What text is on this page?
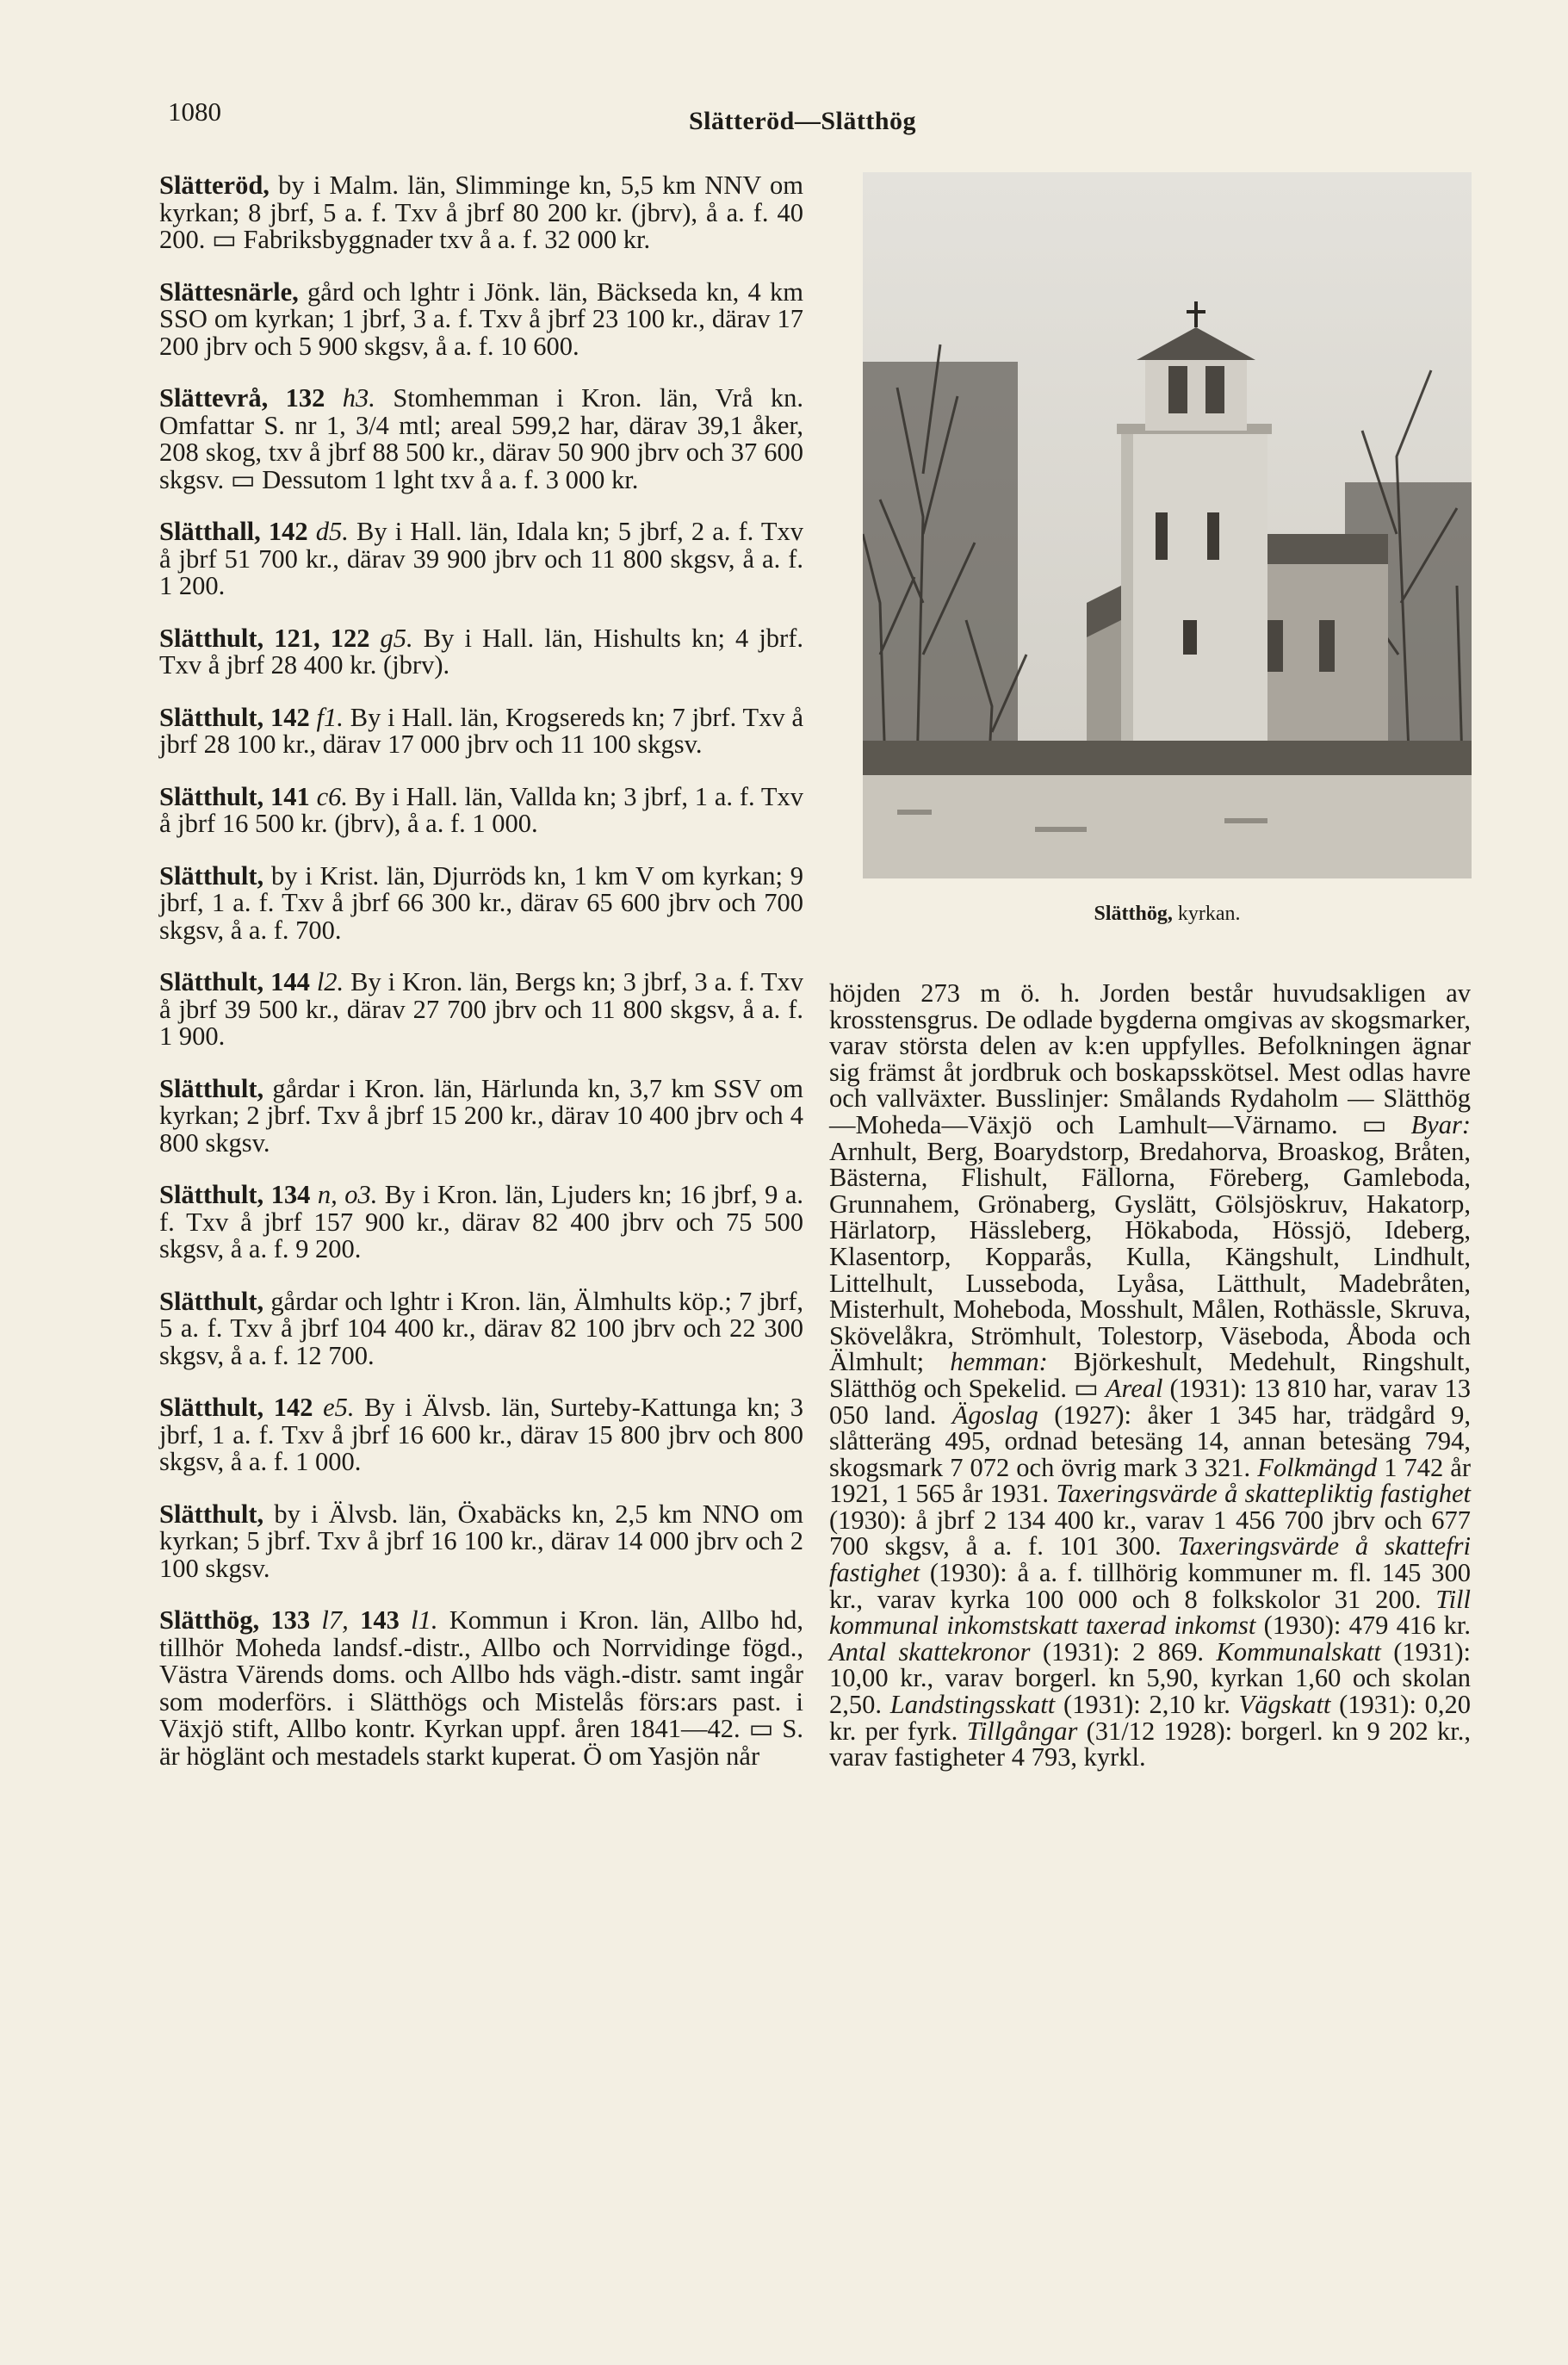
1080	Slätteröd—Slätthög

Slätteröd, by i Malm. län, Slimminge kn, 5,5 km NNV om kyrkan; 8 jbrf, 5 a. f. Txv å jbrf 80 200 kr. (jbrv), å a. f. 40 200. ▭ Fabriksbyggnader txv å a. f. 32 000 kr.

Slättesnärle, gård och lghtr i Jönk. län, Bäckseda kn, 4 km SSO om kyrkan; 1 jbrf, 3 a. f. Txv å jbrf 23 100 kr., därav 17 200 jbrv och 5 900 skgsv, å a. f. 10 600.

Slättevrå, 132 h3. Stomhemman i Kron. län, Vrå kn. Omfattar S. nr 1, 3/4 mtl; areal 599,2 har, därav 39,1 åker, 208 skog, txv å jbrf 88 500 kr., därav 50 900 jbrv och 37 600 skgsv. ▭ Dessutom 1 lght txv å a. f. 3 000 kr.

Slätthall, 142 d5. By i Hall. län, Idala kn; 5 jbrf, 2 a. f. Txv å jbrf 51 700 kr., därav 39 900 jbrv och 11 800 skgsv, å a. f. 1 200.

Slätthult, 121, 122 g5. By i Hall. län, Hishults kn; 4 jbrf. Txv å jbrf 28 400 kr. (jbrv).

Slätthult, 142 f1. By i Hall. län, Krogsereds kn; 7 jbrf. Txv å jbrf 28 100 kr., därav 17 000 jbrv och 11 100 skgsv.

Slätthult, 141 c6. By i Hall. län, Vallda kn; 3 jbrf, 1 a. f. Txv å jbrf 16 500 kr. (jbrv), å a. f. 1 000.

Slätthult, by i Krist. län, Djurröds kn, 1 km V om kyrkan; 9 jbrf, 1 a. f. Txv å jbrf 66 300 kr., därav 65 600 jbrv och 700 skgsv, å a. f. 700.

Slätthult, 144 l2. By i Kron. län, Bergs kn; 3 jbrf, 3 a. f. Txv å jbrf 39 500 kr., därav 27 700 jbrv och 11 800 skgsv, å a. f. 1 900.

Slätthult, gårdar i Kron. län, Härlunda kn, 3,7 km SSV om kyrkan; 2 jbrf. Txv å jbrf 15 200 kr., därav 10 400 jbrv och 4 800 skgsv.

Slätthult, 134 n, o3. By i Kron. län, Ljuders kn; 16 jbrf, 9 a. f. Txv å jbrf 157 900 kr., därav 82 400 jbrv och 75 500 skgsv, å a. f. 9 200.

Slätthult, gårdar och lghtr i Kron. län, Älmhults köp.; 7 jbrf, 5 a. f. Txv å jbrf 104 400 kr., därav 82 100 jbrv och 22 300 skgsv, å a. f. 12 700.

Slätthult, 142 e5. By i Älvsb. län, Surteby-Kattunga kn; 3 jbrf, 1 a. f. Txv å jbrf 16 600 kr., därav 15 800 jbrv och 800 skgsv, å a. f. 1 000.

Slätthult, by i Älvsb. län, Öxabäcks kn, 2,5 km NNO om kyrkan; 5 jbrf. Txv å jbrf 16 100 kr., därav 14 000 jbrv och 2 100 skgsv.

Slätthög, 133 l7, 143 l1. Kommun i Kron. län, Allbo hd, tillhör Moheda landsf.-distr., Allbo och Norrvidinge fögd., Västra Värends doms. och Allbo hds vägh.-distr. samt ingår som moderförs. i Slätthögs och Mistelås förs:ars past. i Växjö stift, Allbo kontr. Kyrkan uppf. åren 1841—42. ▭ S. är höglänt och mestadels starkt kuperat. Ö om Yasjön når

Slätthög, kyrkan.

höjden 273 m ö. h. Jorden består huvudsakligen av krosstensgrus. De odlade bygderna omgivas av skogsmarker, varav största delen av k:en uppfylles. Befolkningen ägnar sig främst åt jordbruk och boskapsskötsel. Mest odlas havre och vallväxter. Busslinjer: Smålands Rydaholm — Slätthög—Moheda—Växjö och Lamhult—Värnamo. ▭ Byar: Arnhult, Berg, Boarydstorp, Bredahorva, Broaskog, Bråten, Bästerna, Flishult, Fällorna, Föreberg, Gamleboda, Grunnahem, Grönaberg, Gyslätt, Gölsjöskruv, Hakatorp, Härlatorp, Hässleberg, Hökaboda, Hössjö, Ideberg, Klasentorp, Kopparås, Kulla, Kängshult, Lindhult, Littelhult, Lusseboda, Lyåsa, Lätthult, Madebråten, Misterhult, Moheboda, Mosshult, Målen, Rothässle, Skruva, Skövelåkra, Strömhult, Tolestorp, Väseboda, Åboda och Älmhult; hemman: Björkeshult, Medehult, Ringshult, Slätthög och Spekelid. ▭ Areal (1931): 13 810 har, varav 13 050 land. Ägoslag (1927): åker 1 345 har, trädgård 9, slåtteräng 495, ordnad betesäng 14, annan betesäng 794, skogsmark 7 072 och övrig mark 3 321. Folkmängd 1 742 år 1921, 1 565 år 1931. Taxeringsvärde å skattepliktig fastighet (1930): å jbrf 2 134 400 kr., varav 1 456 700 jbrv och 677 700 skgsv, å a. f. 101 300. Taxeringsvärde å skattefri fastighet (1930): å a. f. tillhörig kommuner m. fl. 145 300 kr., varav kyrka 100 000 och 8 folkskolor 31 200. Till kommunal inkomstskatt taxerad inkomst (1930): 479 416 kr. Antal skattekronor (1931): 2 869. Kommunalskatt (1931): 10,00 kr., varav borgerl. kn 5,90, kyrkan 1,60 och skolan 2,50. Landstingsskatt (1931): 2,10 kr. Vägskatt (1931): 0,20 kr. per fyrk. Tillgångar (31/12 1928): borgerl. kn 9 202 kr., varav fastigheter 4 793, kyrkl.
